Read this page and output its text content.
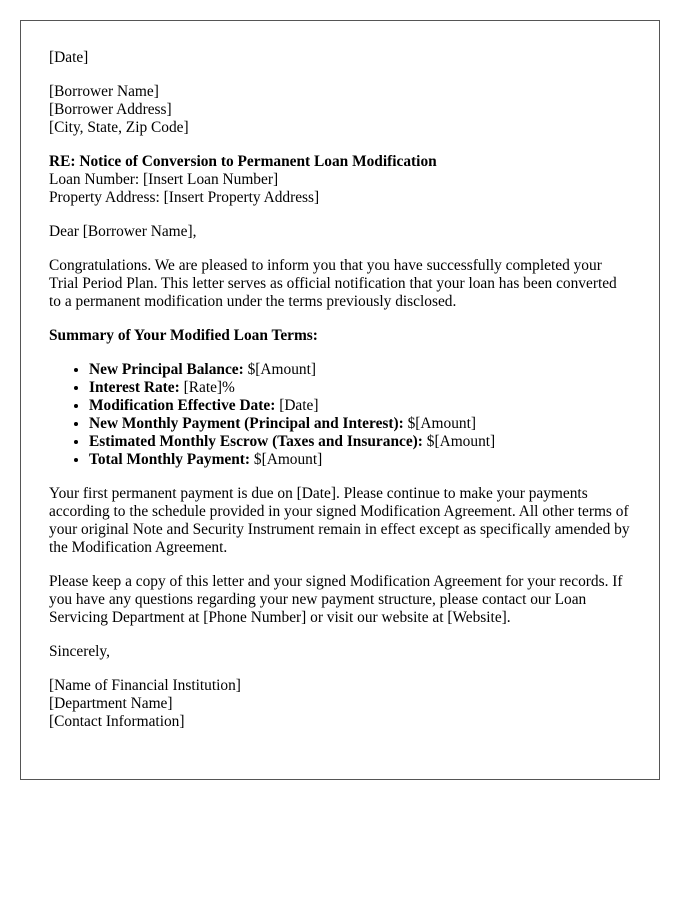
[Date]
[Borrower Name]
[Borrower Address]
[City, State, Zip Code]
RE: Notice of Conversion to Permanent Loan Modification
Loan Number: [Insert Loan Number]
Property Address: [Insert Property Address]

Dear [Borrower Name],

Congratulations. We are pleased to inform you that you have successfully completed your Trial Period Plan. This letter serves as official notification that your loan has been converted to a permanent modification under the terms previously disclosed.

Summary of Your Modified Loan Terms:

• New Principal Balance: $[Amount]
• Interest Rate: [Rate]%
• Modification Effective Date: [Date]
• New Monthly Payment (Principal and Interest): $[Amount]
• Estimated Monthly Escrow (Taxes and Insurance): $[Amount]
• Total Monthly Payment: $[Amount]

Your first permanent payment is due on [Date]. Please continue to make your payments according to the schedule provided in your signed Modification Agreement. All other terms of your original Note and Security Instrument remain in effect except as specifically amended by the Modification Agreement.

Please keep a copy of this letter and your signed Modification Agreement for your records. If you have any questions regarding your new payment structure, please contact our Loan Servicing Department at [Phone Number] or visit our website at [Website].

Sincerely,

[Name of Financial Institution]
[Department Name]
[Contact Information]
